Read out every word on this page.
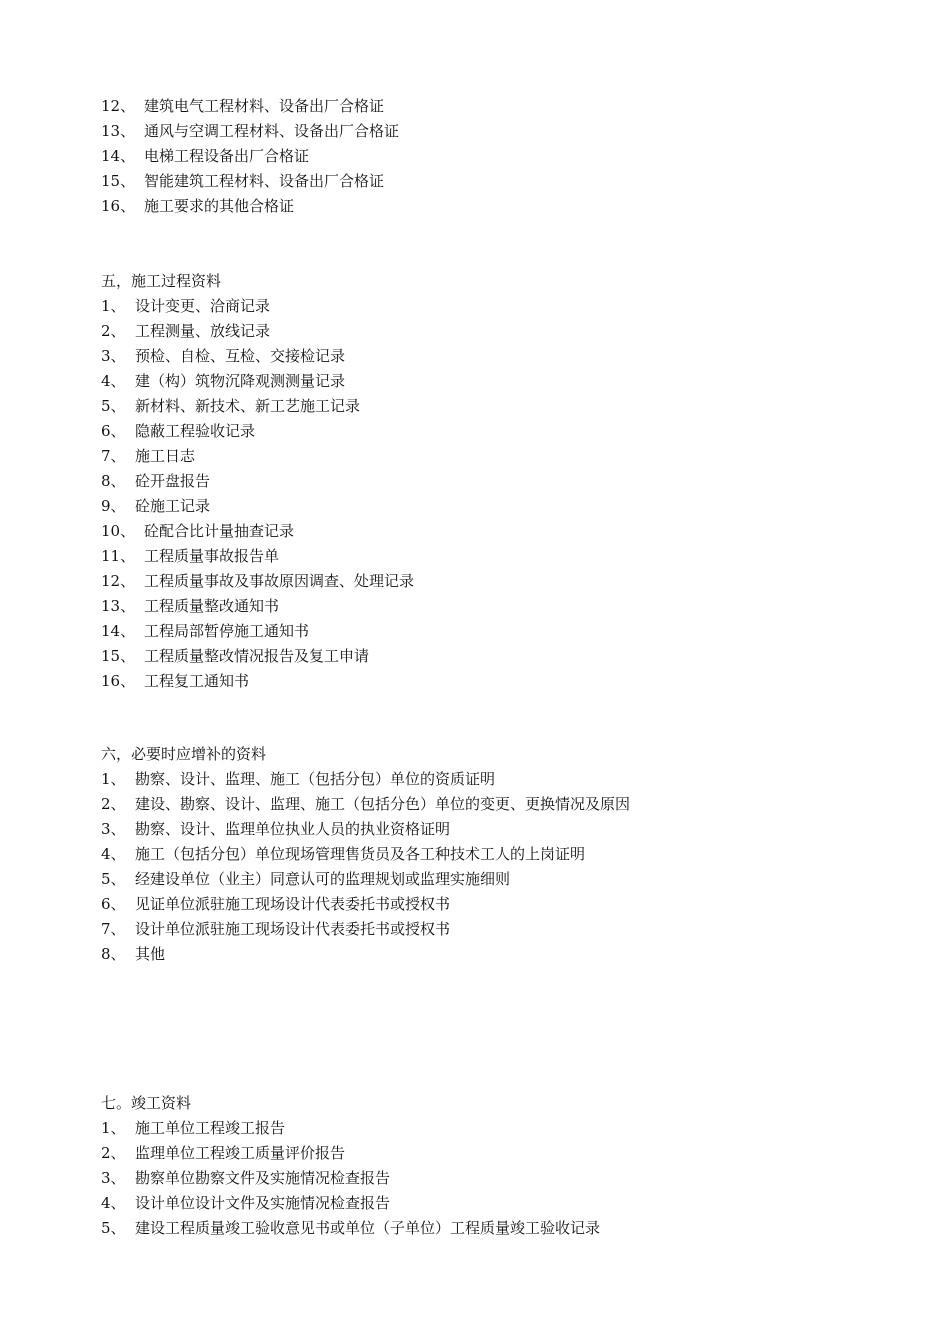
12、 建筑电气工程材料、设备出厂合格证
13、 通风与空调工程材料、设备出厂合格证
14、 电梯工程设备出厂合格证
15、 智能建筑工程材料、设备出厂合格证
16、 施工要求的其他合格证
五，施工过程资料
1、 设计变更、洽商记录
2、 工程测量、放线记录
3、 预检、自检、互检、交接检记录
4、 建（构）筑物沉降观测测量记录
5、 新材料、新技术、新工艺施工记录
6、 隐蔽工程验收记录
7、 施工日志
8、 砼开盘报告
9、 砼施工记录
10、 砼配合比计量抽查记录
11、 工程质量事故报告单
12、 工程质量事故及事故原因调查、处理记录
13、 工程质量整改通知书
14、 工程局部暂停施工通知书
15、 工程质量整改情况报告及复工申请
16、 工程复工通知书
六，必要时应增补的资料
1、 勘察、设计、监理、施工（包括分包）单位的资质证明
2、 建设、勘察、设计、监理、施工（包括分色）单位的变更、更换情况及原因
3、 勘察、设计、监理单位执业人员的执业资格证明
4、 施工（包括分包）单位现场管理售货员及各工种技术工人的上岗证明
5、 经建设单位（业主）同意认可的监理规划或监理实施细则
6、 见证单位派驻施工现场设计代表委托书或授权书
7、 设计单位派驻施工现场设计代表委托书或授权书
8、 其他
七。竣工资料
1、 施工单位工程竣工报告
2、 监理单位工程竣工质量评价报告
3、 勘察单位勘察文件及实施情况检查报告
4、 设计单位设计文件及实施情况检查报告
5、 建设工程质量竣工验收意见书或单位（子单位）工程质量竣工验收记录
